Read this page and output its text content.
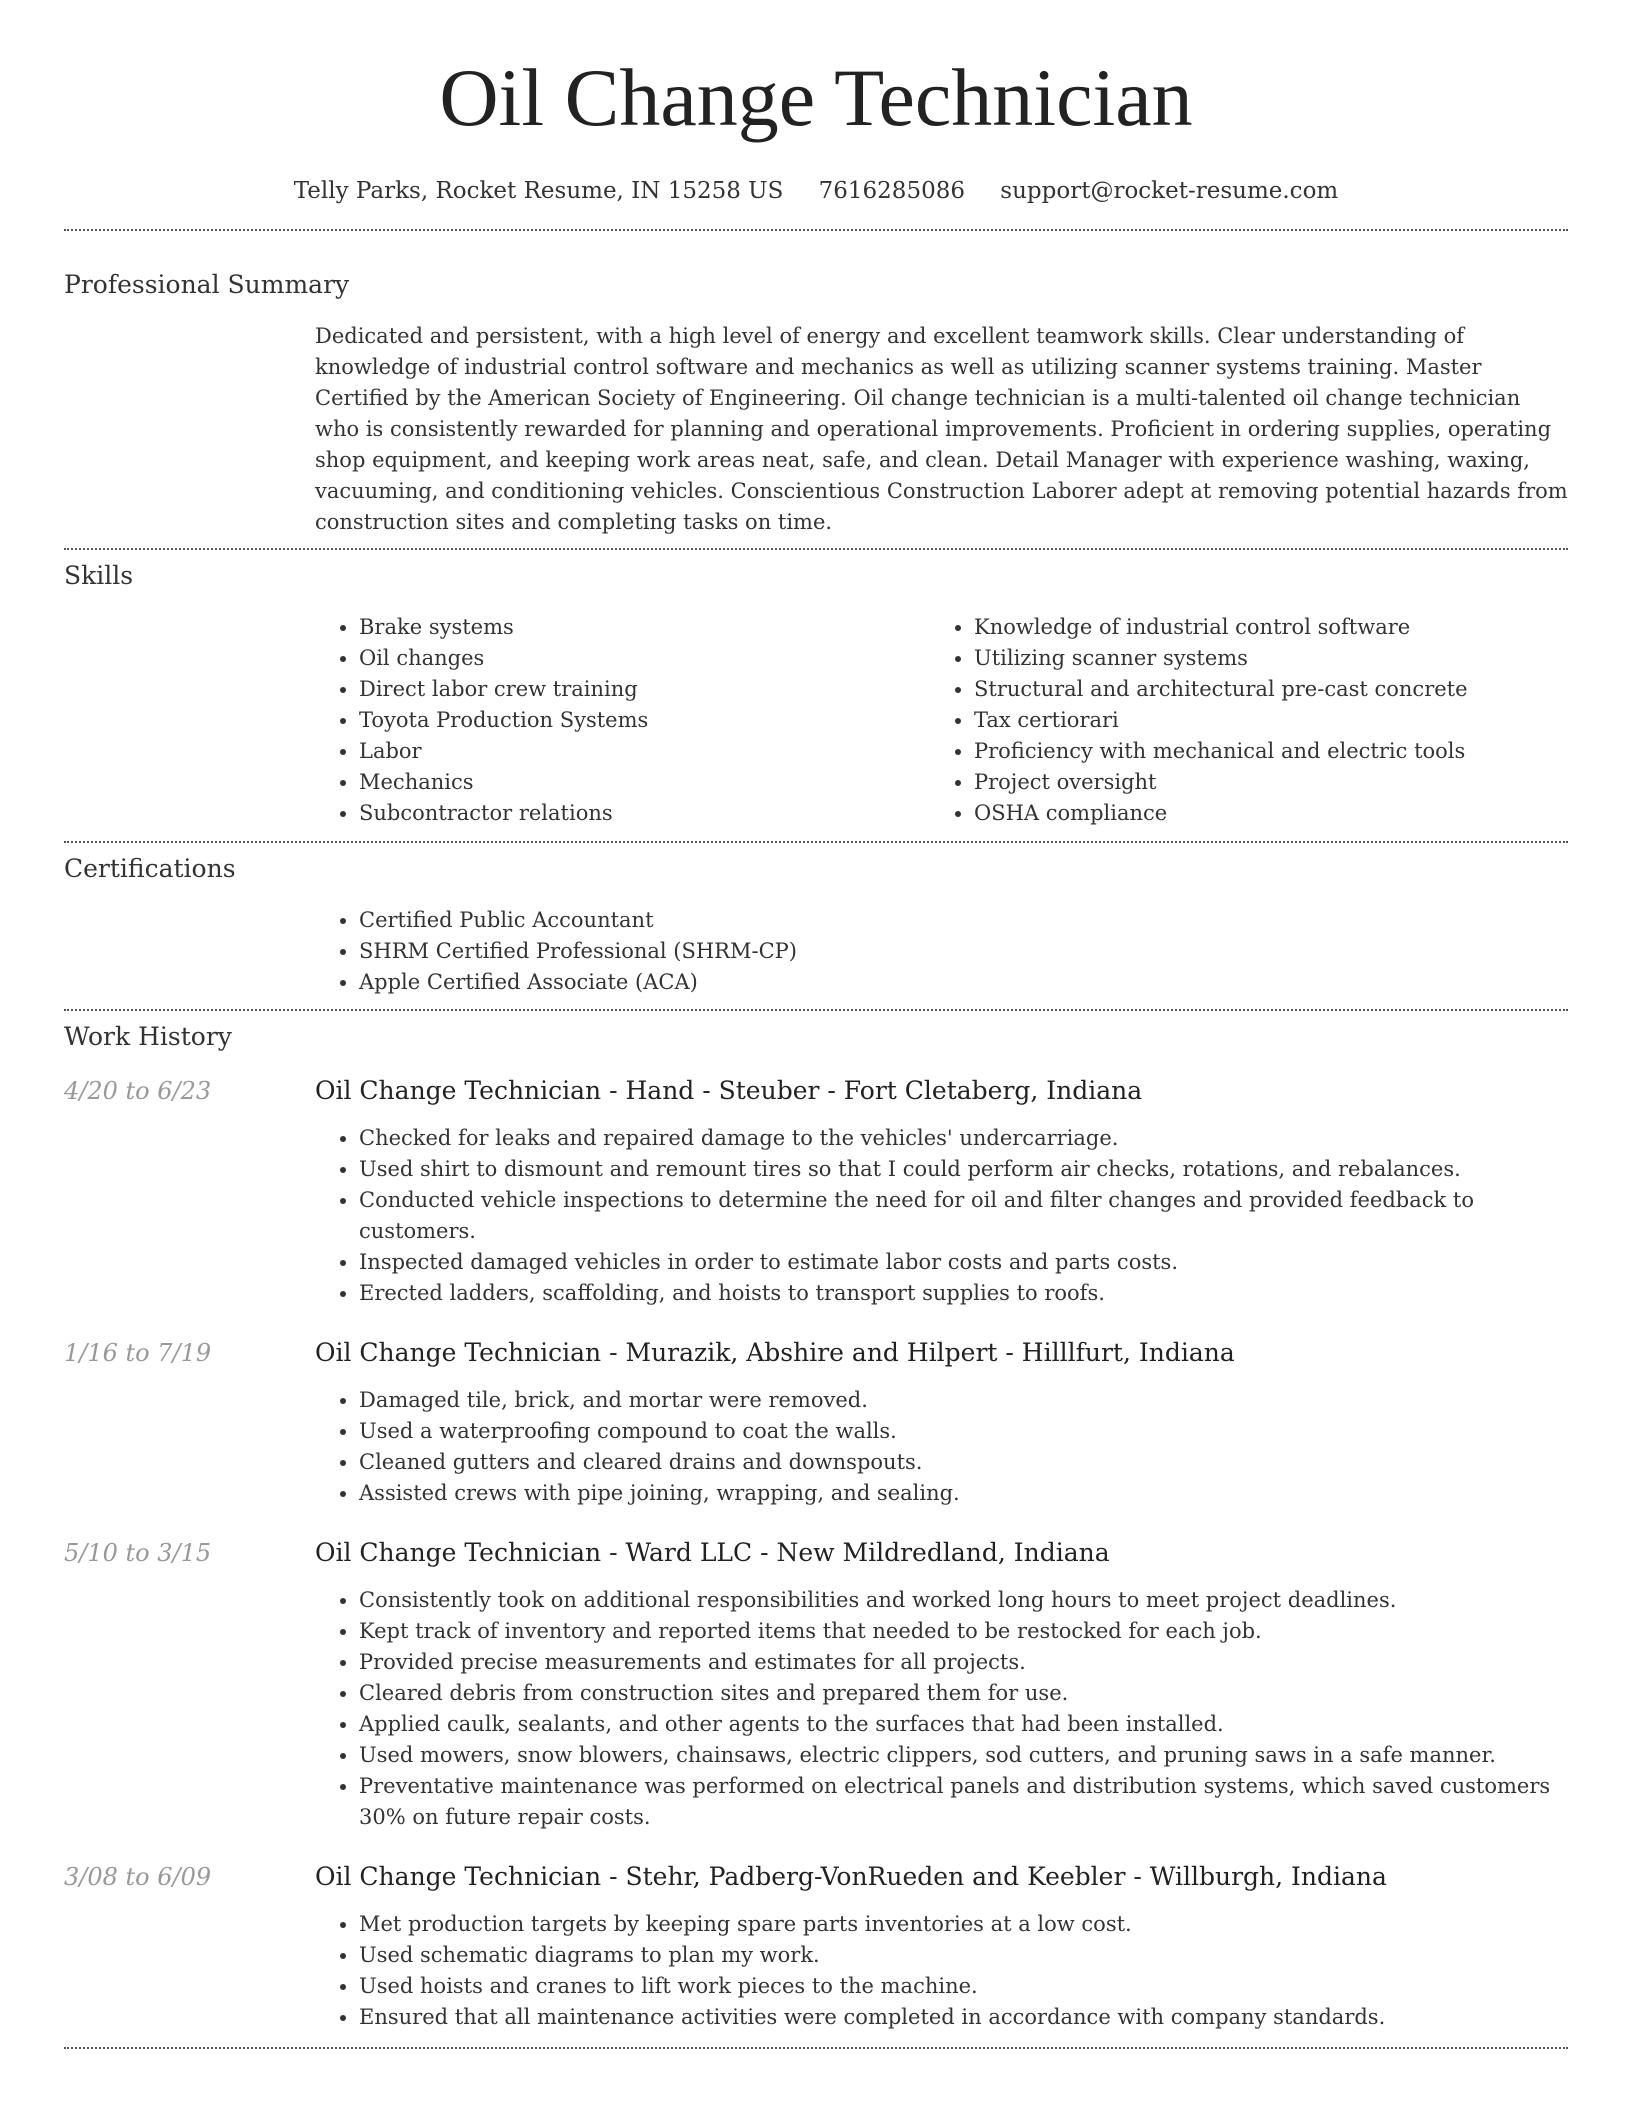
Oil Change Technician
Telly Parks, Rocket Resume, IN 15258 US 7616285086 support@rocket-resume.com
Professional Summary
Dedicated and persistent, with a high level of energy and excellent teamwork skills. Clear understanding of knowledge of industrial control software and mechanics as well as utilizing scanner systems training. Master Certified by the American Society of Engineering. Oil change technician is a multi-talented oil change technician who is consistently rewarded for planning and operational improvements. Proficient in ordering supplies, operating shop equipment, and keeping work areas neat, safe, and clean. Detail Manager with experience washing, waxing, vacuuming, and conditioning vehicles. Conscientious Construction Laborer adept at removing potential hazards from construction sites and completing tasks on time.
Skills
• Brake systems
• Oil changes
• Direct labor crew training
• Toyota Production Systems
• Labor
• Mechanics
• Subcontractor relations
• Knowledge of industrial control software
• Utilizing scanner systems
• Structural and architectural pre-cast concrete
• Tax certiorari
• Proficiency with mechanical and electric tools
• Project oversight
• OSHA compliance
Certifications
• Certified Public Accountant
• SHRM Certified Professional (SHRM-CP)
• Apple Certified Associate (ACA)
Work History
4/20 to 6/23	Oil Change Technician - Hand - Steuber - Fort Cletaberg, Indiana
• Checked for leaks and repaired damage to the vehicles' undercarriage.
• Used shirt to dismount and remount tires so that I could perform air checks, rotations, and rebalances.
• Conducted vehicle inspections to determine the need for oil and filter changes and provided feedback to customers.
• Inspected damaged vehicles in order to estimate labor costs and parts costs.
• Erected ladders, scaffolding, and hoists to transport supplies to roofs.
1/16 to 7/19	Oil Change Technician - Murazik, Abshire and Hilpert - Hilllfurt, Indiana
• Damaged tile, brick, and mortar were removed.
• Used a waterproofing compound to coat the walls.
• Cleaned gutters and cleared drains and downspouts.
• Assisted crews with pipe joining, wrapping, and sealing.
5/10 to 3/15	Oil Change Technician - Ward LLC - New Mildredland, Indiana
• Consistently took on additional responsibilities and worked long hours to meet project deadlines.
• Kept track of inventory and reported items that needed to be restocked for each job.
• Provided precise measurements and estimates for all projects.
• Cleared debris from construction sites and prepared them for use.
• Applied caulk, sealants, and other agents to the surfaces that had been installed.
• Used mowers, snow blowers, chainsaws, electric clippers, sod cutters, and pruning saws in a safe manner.
• Preventative maintenance was performed on electrical panels and distribution systems, which saved customers 30% on future repair costs.
3/08 to 6/09	Oil Change Technician - Stehr, Padberg-VonRueden and Keebler - Willburgh, Indiana
• Met production targets by keeping spare parts inventories at a low cost.
• Used schematic diagrams to plan my work.
• Used hoists and cranes to lift work pieces to the machine.
• Ensured that all maintenance activities were completed in accordance with company standards.
